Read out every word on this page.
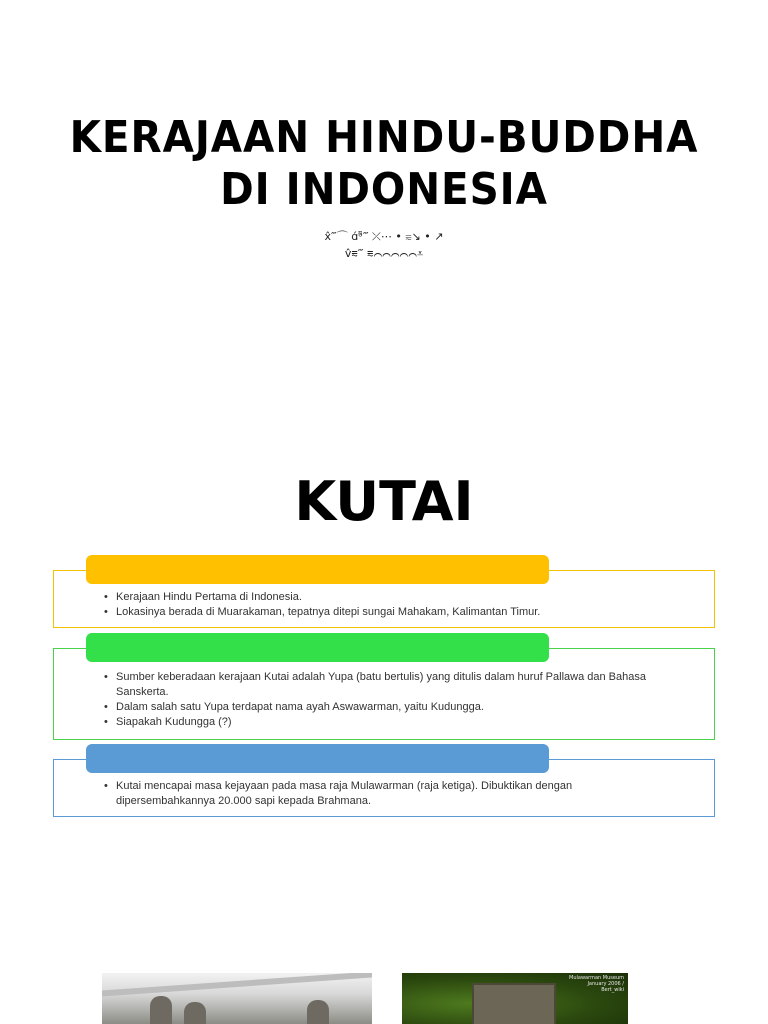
KERAJAAN HINDU-BUDDHA
DI INDONESIA
x̂‴⌒ ɑ́ᵊ͌‴ ⤫⋯ • ⩳↘ • ↗
v̂⩳‴ ⩳⌒⌒⌒⌒⌒⩡
KUTAI
• Kerajaan Hindu Pertama di Indonesia.
• Lokasinya berada di Muarakaman, tepatnya ditepi sungai Mahakam, Kalimantan Timur.
• Sumber keberadaan kerajaan Kutai adalah Yupa (batu bertulis) yang ditulis dalam huruf Pallawa dan Bahasa Sanskerta.
• Dalam salah satu Yupa terdapat nama ayah Aswawarman, yaitu Kudungga.
• Siapakah Kudungga (?)
• Kutai mencapai masa kejayaan pada masa raja Mulawarman (raja ketiga). Dibuktikan dengan dipersembahkannya 20.000 sapi kepada Brahmana.
Mulawarman Museum January 2006 / Bert_wiki
